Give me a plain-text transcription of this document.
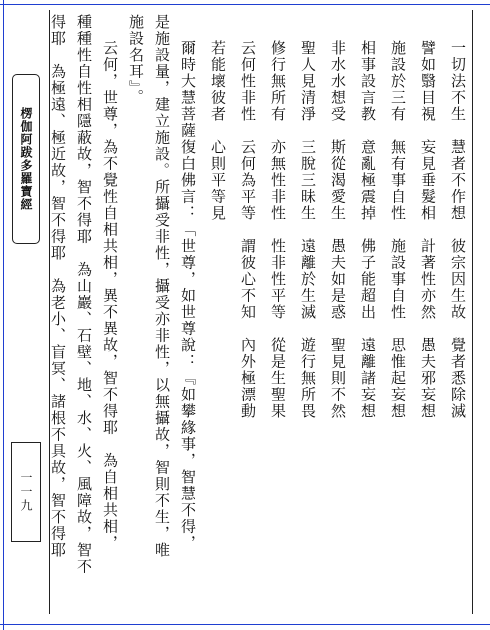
楞伽阿跋多羅寶經
一一九

一切法不生　慧者不作想　彼宗因生故　覺者悉除滅

譬如翳目視　妄見垂髮相　計著性亦然　愚夫邪妄想

施設於三有　無有事自性　施設事自性　思惟起妄想

相事設言教　意亂極震掉　佛子能超出　遠離諸妄想

非水水想受　斯從渴愛生　愚夫如是惑　聖見則不然

聖人見清淨　三脫三昧生　遠離於生滅　遊行無所畏

修行無所有　亦無性非性　性非性平等　從是生聖果

云何性非性　云何為平等　謂彼心不知　內外極漂動

若能壞彼者　心則平等見

爾時大慧菩薩復白佛言：「世尊，如世尊說：『如攀緣事，智慧不得，

是施設量，建立施設。所攝受非性，攝受亦非性，以無攝故，智則不生，唯

施設名耳』。

云何，世尊，為不覺性自相共相，異不異故，智不得耶　為自相共相，

種種性自性相隱蔽故，智不得耶　為山巖、石壁、地、水、火、風障故，智不

得耶　為極遠、極近故，智不得耶　為老小、盲冥、諸根不具故，智不得耶
